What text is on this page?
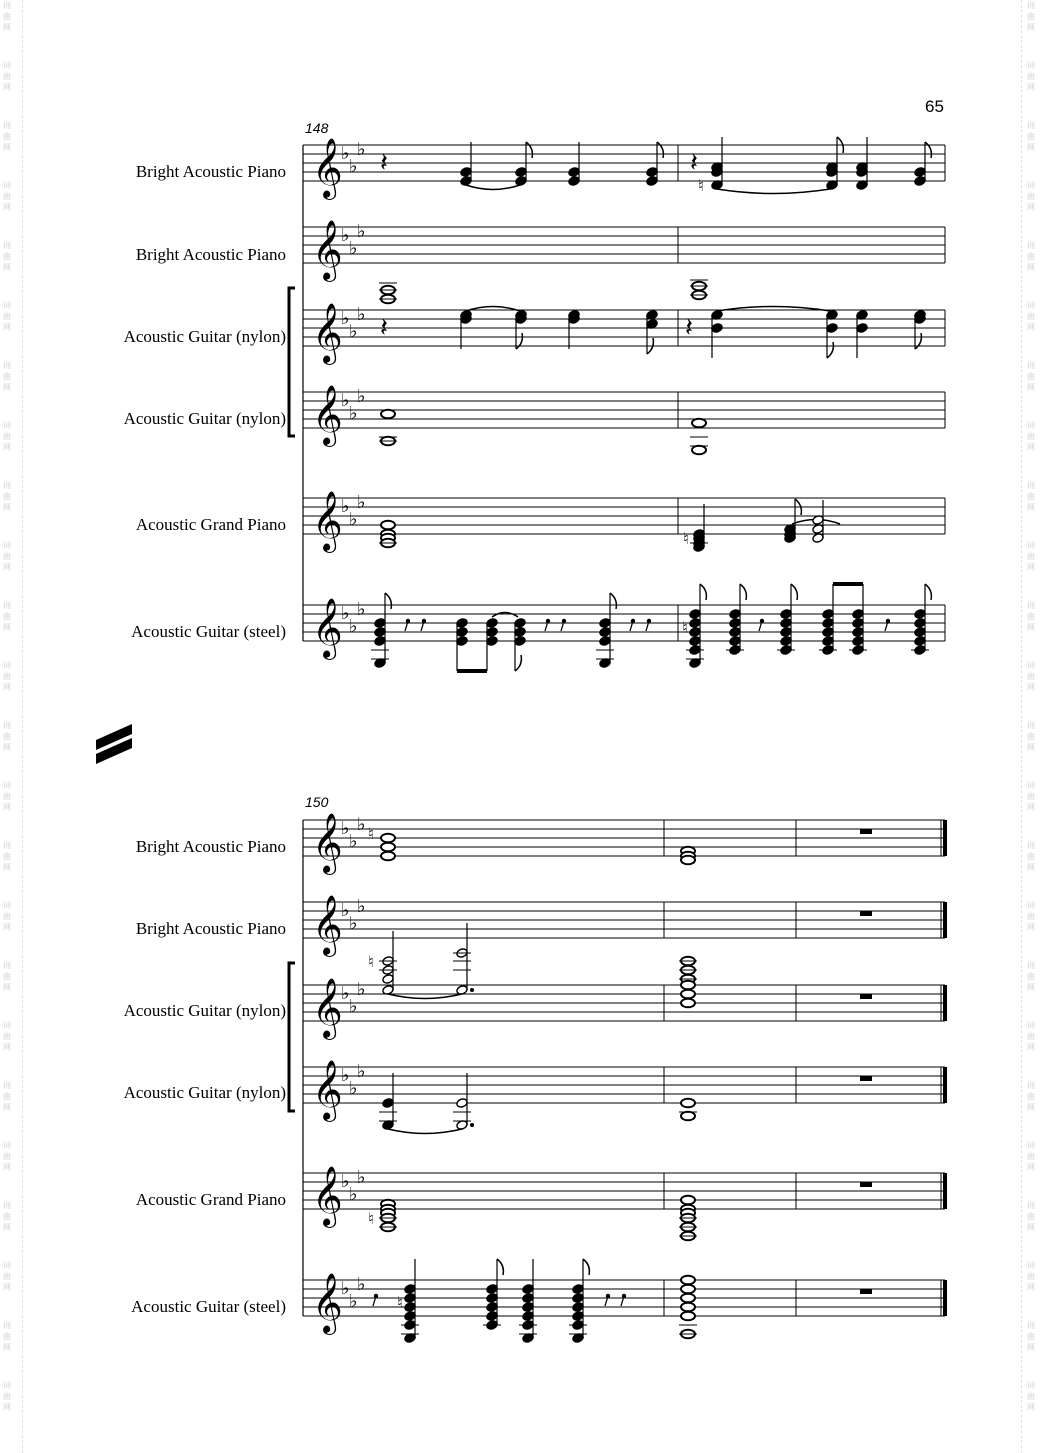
65
148
150
Bright Acoustic Piano
Bright Acoustic Piano
Acoustic Guitar (nylon)
Acoustic Guitar (nylon)
Acoustic Grand Piano
Acoustic Guitar (steel)
Bright Acoustic Piano
Bright Acoustic Piano
Acoustic Guitar (nylon)
Acoustic Guitar (nylon)
Acoustic Grand Piano
Acoustic Guitar (steel)
词
曲
网
词
曲
网
词
曲
网
词
曲
网
词
曲
网
词
曲
网
词
曲
网
词
曲
网
词
曲
网
词
曲
网
词
曲
网
词
曲
网
词
曲
网
词
曲
网
词
曲
网
词
曲
网
词
曲
网
词
曲
网
词
曲
网
词
曲
网
词
曲
网
词
曲
网
词
曲
网
词
曲
网
词
曲
网
词
曲
网
词
曲
网
词
曲
网
词
曲
网
词
曲
网
词
曲
网
词
曲
网
词
曲
网
词
曲
网
词
曲
网
词
曲
网
词
曲
网
词
曲
网
词
曲
网
词
曲
网
词
曲
网
词
曲
网
词
曲
网
词
曲
网
词
曲
网
词
曲
网
词
曲
网
词
曲
网
𝄞
♭
♭
♭
𝄞
♭
♭
♭
𝄞
♭
♭
♭
𝄞
♭
♭
♭
𝄞
♭
♭
♭
𝄞
♭
♭
♭
𝄞
♭
♭
♭
𝄞
♭
♭
♭
𝄞
♭
♭
♭
𝄞
♭
♭
♭
𝄞
♭
♭
♭
𝄞
♭
♭
♭
𝄽	𝄽
♮
𝄽	𝄽
♮
♮
♮
♮
♮
♮
